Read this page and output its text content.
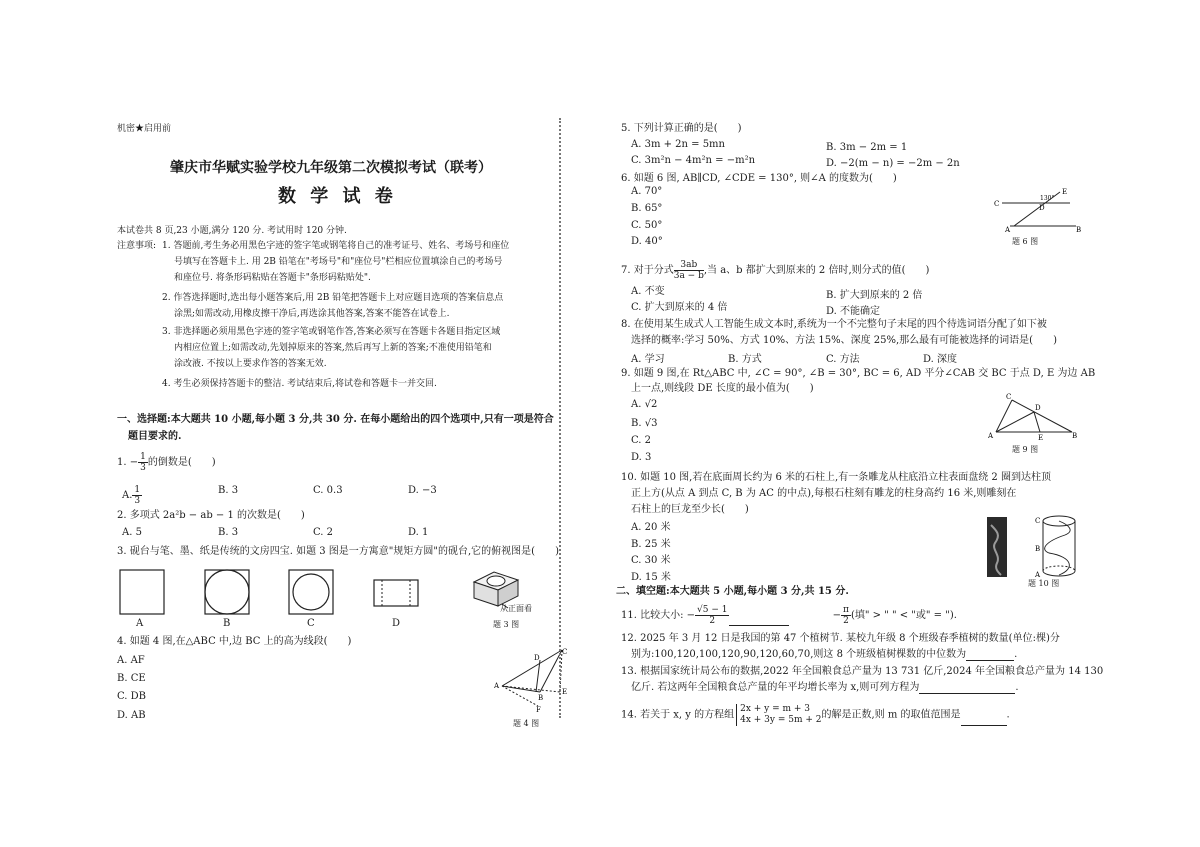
机密★启用前
肇庆市华赋实验学校九年级第二次模拟考试（联考）
数 学 试 卷
本试卷共 8 页,23 小题,满分 120 分. 考试用时 120 分钟.
注意事项: 1. 答题前,考生务必用黑色字迹的签字笔或钢笔将自己的准考证号、姓名、考场号和座位
号填写在答题卡上. 用 2B 铅笔在"考场号"和"座位号"栏相应位置填涂自己的考场号
和座位号. 将条形码粘贴在答题卡"条形码粘贴处".
2. 作答选择题时,选出每小题答案后,用 2B 铅笔把答题卡上对应题目选项的答案信息点
涂黑;如需改动,用橡皮擦干净后,再选涂其他答案,答案不能答在试卷上.
3. 非选择题必须用黑色字迹的签字笔或钢笔作答,答案必须写在答题卡各题目指定区域
内相应位置上;如需改动,先划掉原来的答案,然后再写上新的答案;不准使用铅笔和
涂改液. 不按以上要求作答的答案无效.
4. 考生必须保持答题卡的整洁. 考试结束后,将试卷和答题卡一并交回.
一、选择题:本大题共 10 小题,每小题 3 分,共 30 分. 在每小题给出的四个选项中,只有一项是符合
题目要求的.
1. − $\frac{1}{3}$ 的倒数是(　　)
A. $\frac{1}{3}$	B. 3	C. 0.3	D. −3
2. 多项式 2a²b − ab − 1 的次数是(　　)
A. 5	B. 3	C. 2	D. 1
3. 砚台与笔、墨、纸是传统的文房四宝. 如题 3 图是一方寓意"规矩方圆"的砚台,它的俯视图是(　　)
A	B	C	D
从正面看
题 3 图
4. 如题 4 图,在△ABC 中,边 BC 上的高为线段(　　)
A. AF
B. CE
C. DB
D. AB
A
B
C
D
E
F
题 4 图
5. 下列计算正确的是(　　)
A. 3m + 2n = 5mn	B. 3m − 2m = 1
C. 3m²n − 4m²n = −m²n	D. −2(m − n) = −2m − 2n
6. 如题 6 图, AB∥CD, ∠CDE = 130°, 则∠A 的度数为(　　)
A. 70°
B. 65°
C. 50°
D. 40°
C	D
E
A	B
130°
题 6 图
7. 对于分式 $\frac{3ab}{3a - b}$ ,当 a、b 都扩大到原来的 2 倍时,则分式的值(　　)
A. 不变	B. 扩大到原来的 2 倍
C. 扩大到原来的 4 倍	D. 不能确定
8. 在使用某生成式人工智能生成文本时,系统为一个不完整句子末尾的四个待选词语分配了如下被
选择的概率:学习 50%、方式 10%、方法 15%、深度 25%,那么最有可能被选择的词语是(　　)
A. 学习	B. 方式	C. 方法	D. 深度
9. 如题 9 图,在 Rt△ABC 中, ∠C = 90°, ∠B = 30°, BC = 6, AD 平分∠CAB 交 BC 于点 D, E 为边 AB
上一点,则线段 DE 长度的最小值为(　　)
A. √2
B. √3
C. 2
D. 3
C
D
A	E	B
题 9 图
10. 如题 10 图,若在底面周长约为 6 米的石柱上,有一条雕龙从柱底沿立柱表面盘绕 2 圈到达柱顶
正上方(从点 A 到点 C, B 为 AC 的中点),每根石柱刻有雕龙的柱身高约 16 米,则雕刻在
石柱上的巨龙至少长(　　)
A. 20 米
B. 25 米
C. 30 米
D. 15 米
C
B
A
题 10 图
二、填空题:本大题共 5 小题,每小题 3 分,共 15 分.
11. 比较大小: − $\frac{√5 - 1}{2}$	　　　　 − $\frac{\pi}{2}$ (填" > " " < "或" = ").
12. 2025 年 3 月 12 日是我国的第 47 个植树节. 某校九年级 8 个班级春季植树的数量(单位:棵)分
别为:100,120,100,120,90,120,60,70,则这 8 个班级植树棵数的中位数为	.
13. 根据国家统计局公布的数据,2022 年全国粮食总产量为 13 731 亿斤,2024 年全国粮食总产量为 14 130
亿斤. 若这两年全国粮食总产量的年平均增长率为 x,则可列方程为	.
14. 若关于 x, y 的方程组
2x + y = m + 3
4x + 3y = 5m + 2 的解是正数,则 m 的取值范围是	.
